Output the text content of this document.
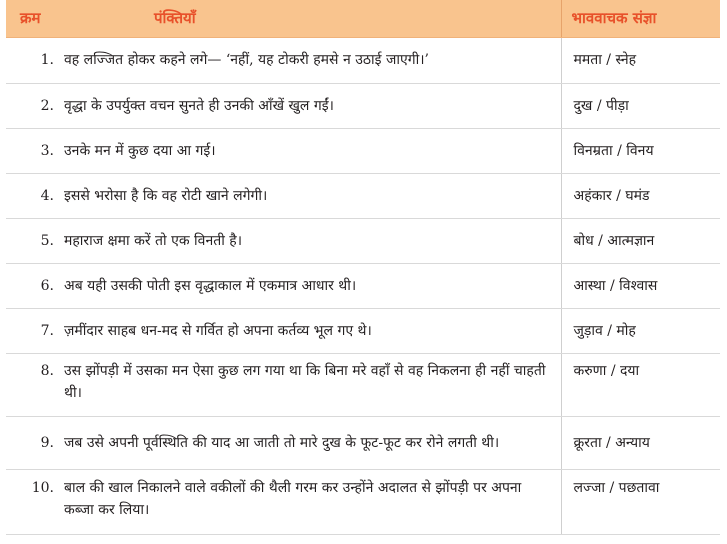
क्रम	पंक्तियाँ	भाववाचक संज्ञा
1.	वह लज्जित होकर कहने लगे— ‘नहीं, यह टोकरी हमसे न उठाई जाएगी।’	ममता / स्नेह
2.	वृद्धा के उपर्युक्त वचन सुनते ही उनकी आँखें खुल गईं।	दुख / पीड़ा
3.	उनके मन में कुछ दया आ गई।	विनम्रता / विनय
4.	इससे भरोसा है कि वह रोटी खाने लगेगी।	अहंकार / घमंड
5.	महाराज क्षमा करें तो एक विनती है।	बोध / आत्मज्ञान
6.	अब यही उसकी पोती इस वृद्धाकाल में एकमात्र आधार थी।	आस्था / विश्वास
7.	ज़मींदार साहब धन-मद से गर्वित हो अपना कर्तव्य भूल गए थे।	जुड़ाव / मोह
8.	उस झोंपड़ी में उसका मन ऐसा कुछ लग गया था कि बिना मरे वहाँ से वह निकलना ही नहीं चाहती थी।	करुणा / दया
9.	जब उसे अपनी पूर्वस्थिति की याद आ जाती तो मारे दुख के फूट-फूट कर रोने लगती थी।	क्रूरता / अन्याय
10.	बाल की खाल निकालने वाले वकीलों की थैली गरम कर उन्होंने अदालत से झोंपड़ी पर अपना कब्जा कर लिया।	लज्जा / पछतावा
